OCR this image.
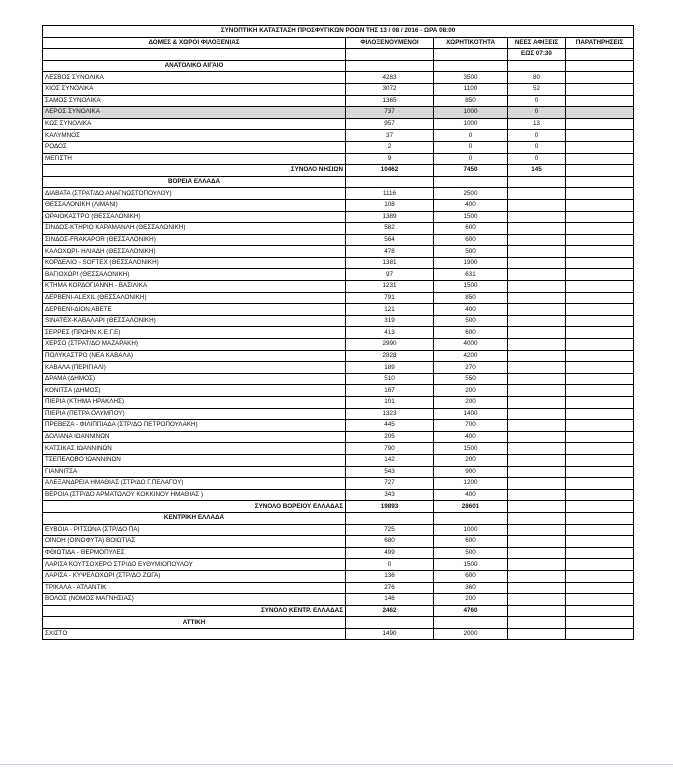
ΣΥΝΟΠΤΙΚΗ ΚΑΤΑΣΤΑΣΗ ΠΡΟΣΦΥΓΙΚΩΝ ΡΟΩΝ ΤΗΣ 13 / 08 / 2016 - ΩΡΑ 08:00				
ΔΟΜΕΣ & ΧΩΡΟΙ ΦΙΛΟΞΕΝΙΑΣ	ΦΙΛΟΞΕΝΟΥΜΕΝΟΙ	ΧΩΡΗΤΙΚΟΤΗΤΑ	ΝΕΕΣ ΑΦΙΞΕΙΣ	ΠΑΡΑΤΗΡΗΣΕΙΣ
			ΕΩΣ 07:30	
ΑΝΑΤΟΛΙΚΟ ΑΙΓΑΙΟ				
ΛΕΣΒΟΣ ΣΥΝΟΛΙΚΑ	4283	3500	80	
ΧΙΟΣ ΣΥΝΟΛΙΚΑ	3072	1100	52	
ΣΑΜΟΣ ΣΥΝΟΛΙΚΑ	1365	850	0	
ΛΕΡΟΣ ΣΥΝΟΛΙΚΑ	737	1000	0	
ΚΩΣ ΣΥΝΟΛΙΚΑ	957	1000	13	
ΚΑΛΥΜΝΟΣ	37	0	0	
ΡΟΔΟΣ	2	0	0	
ΜΕΓΙΣΤΗ	9	0	0	
ΣΥΝΟΛΟ ΝΗΣΙΩΝ	10462	7450	145	
ΒΟΡΕΙΑ ΕΛΛΑΔΑ				
ΔΙΑΒΑΤΑ (ΣΤΡΑΤ/ΔΟ ΑΝΑΓΝΩΣΤΟΠΟΥΛΟΥ)	1116	2500		
ΘΕΣΣΑΛΟΝΙΚΗ (ΛΙΜΑΝΙ)	108	400		
ΩΡΑΙΟΚΑΣΤΡΟ (ΘΕΣΣΑΛΟΝΙΚΗ)	1389	1500		
ΣΙΝΔΟΣ-ΚΤΗΡΙΟ ΚΑΡΑΜΑΝΛΗ (ΘΕΣΣΑΛΟΝΙΚΗ)	582	600		
ΣΙΝΔΟΣ-FRAKAPOR (ΘΕΣΣΑΛΟΝΙΚΗ)	564	600		
ΚΑΛΟΧΩΡΙ- ΗΛΙΑΔΗ (ΘΕΣΣΑΛΟΝΙΚΗ)	478	500		
ΚΟΡΔΕΛΙΟ - SOFTEX (ΘΕΣΣΑΛΟΝΙΚΗ)	1381	1900		
ΒΑΓΙΟΧΩΡΙ (ΘΕΣΣΑΛΟΝΙΚΗ)	97	631		
ΚΤΗΜΑ ΚΟΡΔΟΓΙΑΝΝΗ - ΒΑΣΙΛΙΚΑ	1231	1500		
ΔΕΡΒΕΝΙ-ALEXIL (ΘΕΣΣΑΛΟΝΙΚΗ)	791	850		
ΔΕΡΒΕΝΙ-ΔΙΟΝ ΑΒΕΤΕ	121	400		
SINATEX-ΚΑΒΑΛΑΡΙ (ΘΕΣΣΑΛΟΝΙΚΗ)	319	500		
ΣΕΡΡΕΣ (ΠΡΩΗΝ Κ.Ε.Γ.Ε)	413	600		
ΧΕΡΣΟ (ΣΤΡΑΤ/ΔΟ ΜΑΖΑΡΑΚΗ)	2990	4000		
ΠΟΛΥΚΑΣΤΡΟ (ΝΕΑ ΚΑΒΑΛΑ)	2828	4200		
ΚΑΒΑΛΑ (ΠΕΡΙΓΙΑΛΙ)	189	270		
ΔΡΑΜΑ (ΔΗΜΟΣ)	510	550		
ΚΟΝΙΤΣΑ (ΔΗΜΟΣ)	167	200		
ΠΙΕΡΙΑ (ΚΤΗΜΑ ΗΡΑΚΛΗΣ)	101	200		
ΠΙΕΡΙΑ (ΠΕΤΡΑ ΟΛΥΜΠΟΥ)	1323	1400		
ΠΡΕΒΕΖΑ - ΦΙΛΙΠΠΙΑΔΑ (ΣΤΡ/ΔΟ ΠΕΤΡΟΠΟΥΛΑΚΗ)	445	700		
ΔΟΛΙΑΝΑ ΙΩΑΝΝΙΝΩΝ	205	400		
ΚΑΤΣΙΚΑΣ ΙΩΑΝΝΙΝΩΝ	790	1500		
ΤΣΕΠΕΛΟΒΟ ΙΩΑΝΝΙΝΩΝ	142	200		
ΓΙΑΝΝΙΤΣΑ	543	900		
ΑΛΕΞΑΝΔΡΕΙΑ ΗΜΑΘΙΑΣ (ΣΤΡ/ΔΟ Γ.ΠΕΛΑΓΟΥ)	727	1200		
ΒΕΡΟΙΑ (ΣΤΡ/ΔΟ ΑΡΜΑΤΩΛΟΥ ΚΟΚΚΙΝΟΥ ΗΜΑΘΙΑΣ )	343	400		
ΣΥΝΟΛΟ ΒΟΡΕΙΟΥ ΕΛΛΑΔΑΣ	19893	28601		
ΚΕΝΤΡΙΚΗ ΕΛΛΑΔΑ				
ΕΥΒΟΙΑ - ΡΙΤΣΩΝΑ (ΣΤΡ/ΔΟ ΠΑ)	725	1000		
ΟΙΝΟΗ (ΟΙΝΟΦΥΤΑ) ΒΟΙΩΤΙΑΣ	680	600		
ΦΘΙΩΤΙΔΑ - ΘΕΡΜΟΠΥΛΕΣ	499	500		
ΛΑΡΙΣΑ ΚΟΥΤΣΟΧΕΡΟ ΣΤΡ/ΔΟ ΕΥΘΥΜΙΟΠΟΥΛΟΥ	0	1500		
ΛΑΡΙΣΑ - ΚΥΨΕΛΟΧΩΡΙ (ΣΤΡ/ΔΟ ΖΩΓΑ)	136	600		
ΤΡΙΚΑΛΑ - ΑΤΛΑΝΤΙΚ	276	360		
ΒΟΛΟΣ (ΝΟΜΟΣ ΜΑΓΝΗΣΙΑΣ)	146	200		
ΣΥΝΟΛΟ ΚΕΝΤΡ. ΕΛΛΑΔΑΣ	2462	4760		
ΑΤΤΙΚΗ				
ΣΧΙΣΤΟ	1490	2000		
